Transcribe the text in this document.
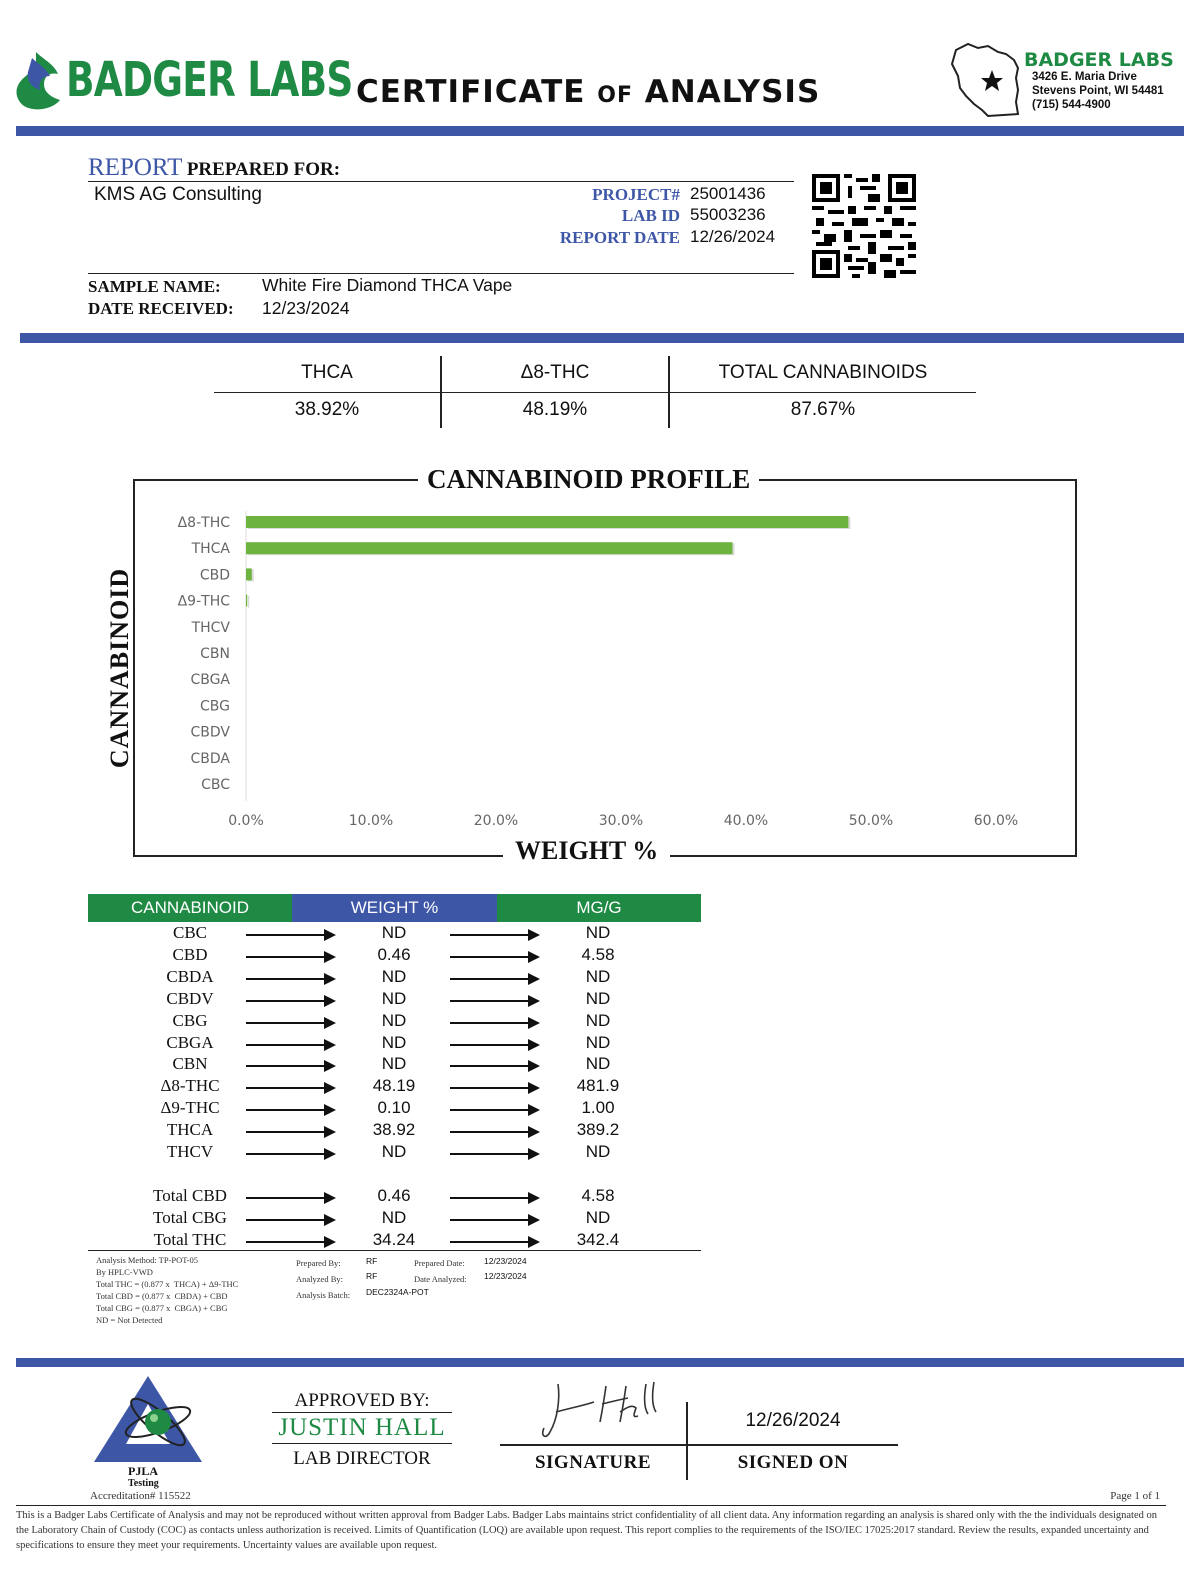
BADGER LABS CERTIFICATE OF ANALYSIS
BADGER LABS
3426 E. Maria Drive
Stevens Point, WI 54481
(715) 544-4900
REPORT PREPARED FOR:
KMS AG Consulting	PROJECT# 25001436
LAB ID 55003236
REPORT DATE 12/26/2024
SAMPLE NAME: White Fire Diamond THCA Vape
DATE RECEIVED: 12/23/2024
THCA	Δ8-THC	TOTAL CANNABINOIDS
38.92%	48.19%	87.67%
CANNABINOID PROFILE
CANNABINOID
WEIGHT %
Δ8-THC
THCA
CBD
Δ9-THC
THCV
CBN
CBGA
CBG
CBDV
CBDA
CBC
0.0%	10.0%	20.0%	30.0%	40.0%	50.0%	60.0%
CANNABINOID	WEIGHT %	MG/G
CBC	ND	ND
CBD	0.46	4.58
CBDA	ND	ND
CBDV	ND	ND
CBG	ND	ND
CBGA	ND	ND
CBN	ND	ND
Δ8-THC	48.19	481.9
Δ9-THC	0.10	1.00
THCA	38.92	389.2
THCV	ND	ND
Total CBD	0.46	4.58
Total CBG	ND	ND
Total THC	34.24	342.4
Analysis Method: TP-POT-05
By HPLC-VWD
Total THC = (0.877 x  THCA) + Δ9-THC
Total CBD = (0.877 x  CBDA) + CBD
Total CBG = (0.877 x  CBGA) + CBG
ND = Not Detected
Prepared By:	RF
Analyzed By:	RF
Analysis Batch: DEC2324A-POT
Prepared Date: 12/23/2024
Date Analyzed: 12/23/2024
PJLA
Testing
Accreditation# 115522
APPROVED BY:
JUSTIN HALL
LAB DIRECTOR
12/26/2024
SIGNATURE	SIGNED ON
Page 1 of 1
This is a Badger Labs Certificate of Analysis and may not be reproduced without written approval from Badger Labs. Badger Labs maintains strict confidentiality of all client data. Any information regarding an analysis is shared only with the the individuals designated on the Laboratory Chain of Custody (COC) as contacts unless authorization is received. Limits of Quantification (LOQ) are available upon request. This report complies to the requirements of the ISO/IEC 17025:2017 standard. Review the results, expanded uncertainty and specifications to ensure they meet your requirements. Uncertainty values are available upon request.
